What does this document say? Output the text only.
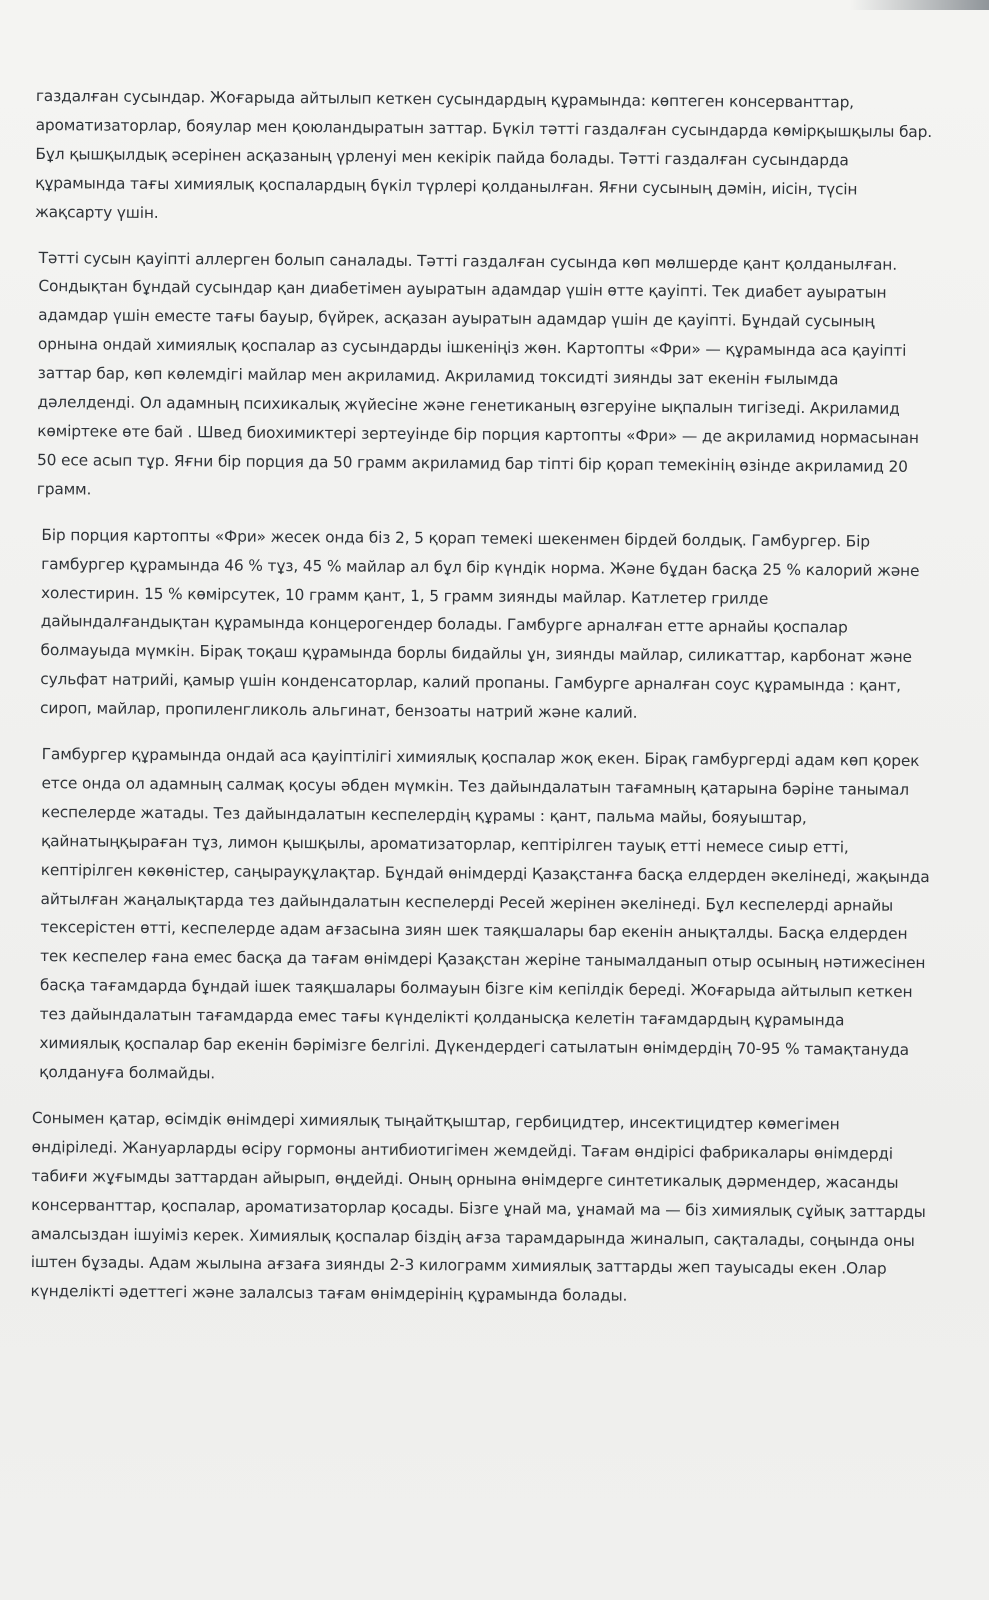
газдалған сусындар. Жоғарыда айтылып кеткен сусындардың құрамында: көптеген консерванттар, ароматизаторлар, бояулар мен қоюландыратын заттар. Бүкіл тәтті газдалған сусындарда көмірқышқылы бар. Бұл қышқылдық әсерінен асқазаның үрленуі мен кекірік пайда болады. Тәтті газдалған сусындарда құрамында тағы химиялық қоспалардың бүкіл түрлері қолданылған. Яғни сусының дәмін, иісін, түсін жақсарту үшін.

Тәтті сусын қауіпті аллерген болып саналады. Тәтті газдалған сусында көп мөлшерде қант қолданылған. Сондықтан бұндай сусындар қан диабетімен ауыратын адамдар үшін өтте қауіпті. Тек диабет ауыратын адамдар үшін еместе тағы бауыр, бүйрек, асқазан ауыратын адамдар үшін де қауіпті. Бұндай сусының орнына ондай химиялық қоспалар аз сусындарды ішкеніңіз жөн. Картопты «Фри» — құрамында аса қауіпті заттар бар, көп көлемдігі майлар мен акриламид. Акриламид токсидті зиянды зат екенін ғылымда дәлелденді. Ол адамның психикалық жүйесіне және генетиканың өзгеруіне ықпалын тигізеді. Акриламид көміртеке өте бай . Швед биохимиктері зертеуінде бір порция картопты «Фри» — де акриламид нормасынан 50 есе асып тұр. Яғни бір порция да 50 грамм акриламид бар тіпті бір қорап темекінің өзінде акриламид 20 грамм.

Бір порция картопты «Фри» жесек онда біз 2, 5 қорап темекі шекенмен бірдей болдық. Гамбургер. Бір гамбургер құрамында 46 % тұз, 45 % майлар ал бұл бір күндік норма. Және бұдан басқа 25 % калорий және холестирин. 15 % көмірсутек, 10 грамм қант, 1, 5 грамм зиянды майлар. Катлетер грилде дайындалғандықтан құрамында концерогендер болады. Гамбурге арналған етте арнайы қоспалар болмауыда мүмкін. Бірақ тоқаш құрамында борлы бидайлы ұн, зиянды майлар, силикаттар, карбонат және сульфат натрийі, қамыр үшін конденсаторлар, калий пропаны. Гамбурге арналған соус құрамында : қант, сироп, майлар, пропиленгликоль альгинат, бензоаты натрий және калий.

Гамбургер құрамында ондай аса қауіптілігі химиялық қоспалар жоқ екен. Бірақ гамбургерді адам көп қорек етсе онда ол адамның салмақ қосуы әбден мүмкін. Тез дайындалатын тағамның қатарына бәріне танымал кеспелерде жатады. Тез дайындалатын кеспелердің құрамы : қант, пальма майы, бояуыштар, қайнатыңқыраған тұз, лимон қышқылы, ароматизаторлар, кептірілген тауық етті немесе сиыр етті, кептірілген көкөністер, саңырауқұлақтар. Бұндай өнімдерді Қазақстанға басқа елдерден әкелінеді, жақында айтылған жаңалықтарда тез дайындалатын кеспелерді Ресей жерінен әкелінеді. Бұл кеспелерді арнайы тексерістен өтті, кеспелерде адам ағзасына зиян шек таяқшалары бар екенін анықталды. Басқа елдерден тек кеспелер ғана емес басқа да тағам өнімдері Қазақстан жеріне танымалданып отыр осының нәтижесінен басқа тағамдарда бұндай ішек таяқшалары болмауын бізге кім кепілдік береді. Жоғарыда айтылып кеткен тез дайындалатын тағамдарда емес тағы күнделікті қолданысқа келетін тағамдардың құрамында химиялық қоспалар бар екенін бәрімізге белгілі. Дүкендердегі сатылатын өнімдердің 70-95 % тамақтануда қолдануға болмайды.

Сонымен қатар, өсімдік өнімдері химиялық тыңайтқыштар, гербицидтер, инсектицидтер көмегімен өндіріледі. Жануарларды өсіру гормоны антибиотигімен жемдейді. Тағам өндірісі фабрикалары өнімдерді табиғи жұғымды заттардан айырып, өңдейді. Оның орнына өнімдерге синтетикалық дәрмендер, жасанды консерванттар, қоспалар, ароматизаторлар қосады. Бізге ұнай ма, ұнамай ма — біз химиялық сұйық заттарды амалсыздан ішуіміз керек. Химиялық қоспалар біздің ағза тарамдарында жиналып, сақталады, соңында оны іштен бұзады. Адам жылына ағзаға зиянды 2-3 килограмм химиялық заттарды жеп тауысады екен .Олар күнделікті әдеттегі және залалсыз тағам өнімдерінің құрамында болады.
